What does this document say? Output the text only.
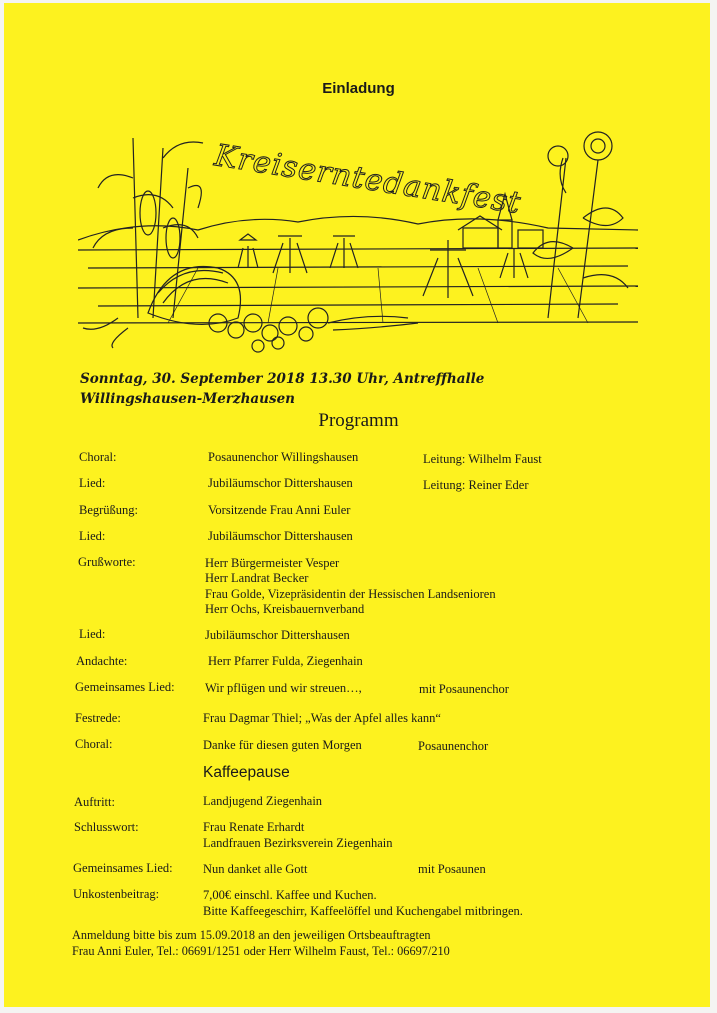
Einladung
Kreiserntedankfest
Sonntag, 30. September 2018 13.30 Uhr, Antreffhalle Willingshausen-Merzhausen
Programm
Choral:	Posaunenchor Willingshausen	Leitung: Wilhelm Faust
Lied:	Jubiläumschor Dittershausen	Leitung: Reiner Eder
Begrüßung:	Vorsitzende Frau Anni Euler
Lied:	Jubiläumschor Dittershausen
Grußworte:	Herr Bürgermeister Vesper
Herr Landrat Becker
Frau Golde, Vizepräsidentin der Hessischen Landsenioren
Herr Ochs, Kreisbauernverband
Lied:	Jubiläumschor Dittershausen
Andachte:	Herr Pfarrer Fulda, Ziegenhain
Gemeinsames Lied: Wir pflügen und wir streuen…,	mit Posaunenchor
Festrede:	Frau Dagmar Thiel; „Was der Apfel alles kann“
Choral:	Danke für diesen guten Morgen	Posaunenchor
Kaffeepause
Auftritt:	Landjugend Ziegenhain
Schlusswort:	Frau Renate Erhardt
Landfrauen Bezirksverein Ziegenhain
Gemeinsames Lied: Nun danket alle Gott	mit Posaunen
Unkostenbeitrag:	7,00€ einschl. Kaffee und Kuchen.
Bitte Kaffeegeschirr, Kaffeelöffel und Kuchengabel mitbringen.
Anmeldung bitte bis zum 15.09.2018 an den jeweiligen Ortsbeauftragten
Frau Anni Euler, Tel.: 06691/1251 oder Herr Wilhelm Faust, Tel.: 06697/210
